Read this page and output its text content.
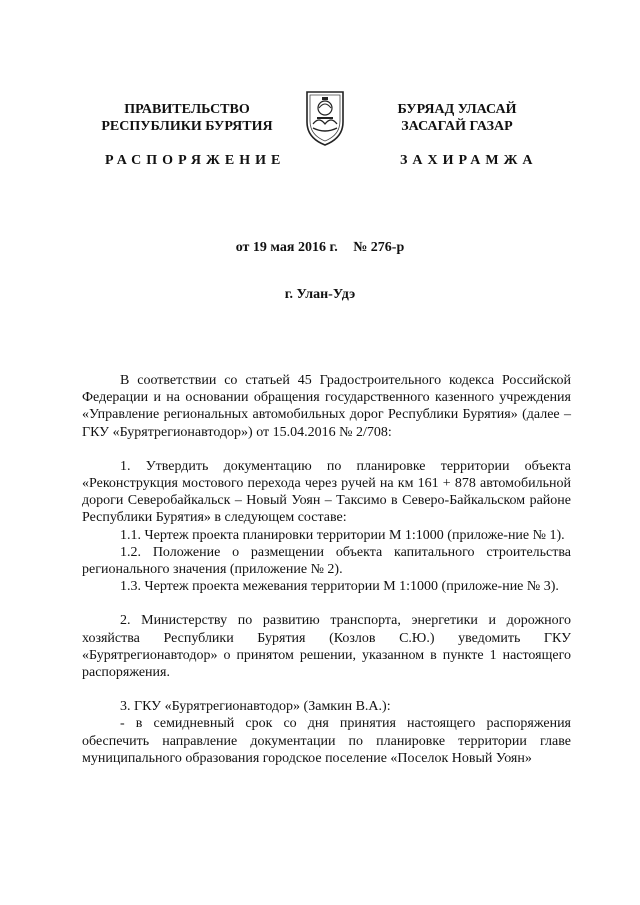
ПРАВИТЕЛЬСТВО
РЕСПУБЛИКИ БУРЯТИЯ
БУРЯАД УЛАСАЙ
ЗАСАГАЙ ГАЗАР
РАСПОРЯЖЕНИЕ	ЗАХИРАМЖА
от 19 мая 2016 г. № 276-р
г. Улан-Удэ

В соответствии со статьей 45 Градостроительного кодекса Российской Федерации и на основании обращения государственного казенного учреждения «Управление региональных автомобильных дорог Республики Бурятия» (далее – ГКУ «Бурятрегионавтодор») от 15.04.2016 № 2/708:

1. Утвердить документацию по планировке территории объекта «Реконструкция мостового перехода через ручей на км 161 + 878 автомобильной дороги Северобайкальск – Новый Уоян – Таксимо в Северо-Байкальском районе Республики Бурятия» в следующем составе:

1.1. Чертеж проекта планировки территории М 1:1000 (приложе-ние № 1).

1.2. Положение о размещении объекта капитального строительства регионального значения (приложение № 2).

1.3. Чертеж проекта межевания территории М 1:1000 (приложе-ние № 3).

2. Министерству по развитию транспорта, энергетики и дорожного хозяйства Республики Бурятия (Козлов С.Ю.) уведомить ГКУ «Бурятрегионавтодор» о принятом решении, указанном в пункте 1 настоящего распоряжения.

3. ГКУ «Бурятрегионавтодор» (Замкин В.А.):

- в семидневный срок со дня принятия настоящего распоряжения обеспечить направление документации по планировке территории главе муниципального образования городское поселение «Поселок Новый Уоян»
